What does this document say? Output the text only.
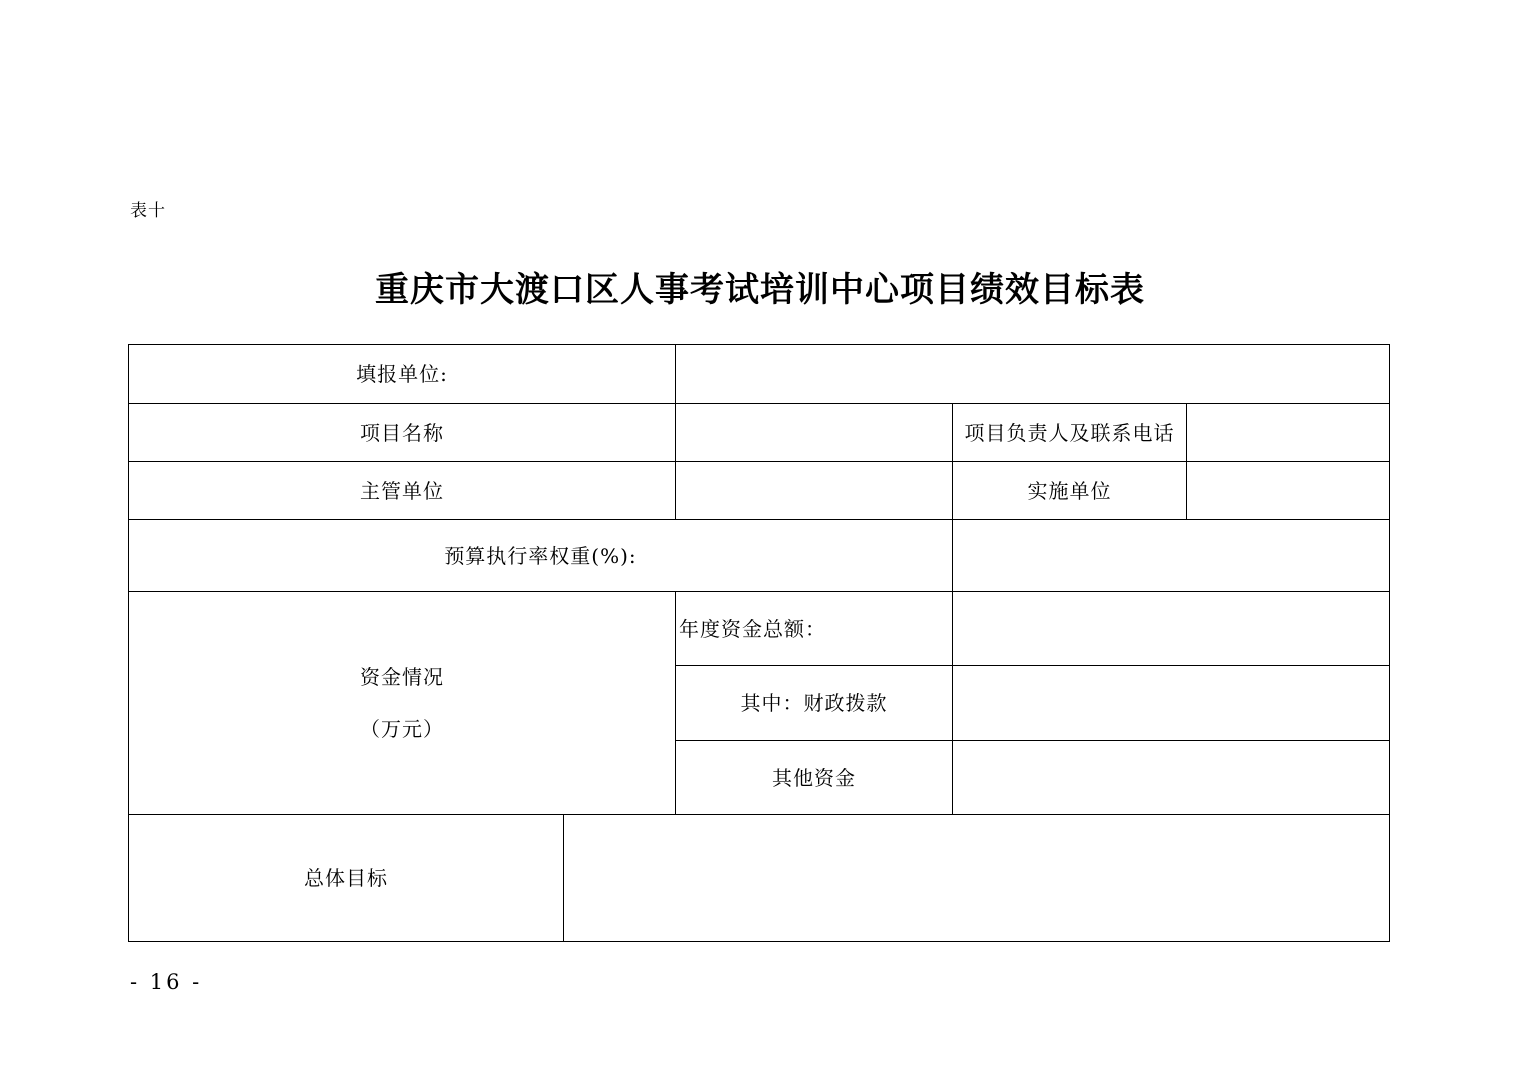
表十
重庆市大渡口区人事考试培训中心项目绩效目标表
填报单位:
项目名称	项目负责人及联系电话
主管单位	实施单位
预算执行率权重(%):
资金情况
（万元）
年度资金总额：
其中：财政拨款
其他资金
总体目标
- 16 -
